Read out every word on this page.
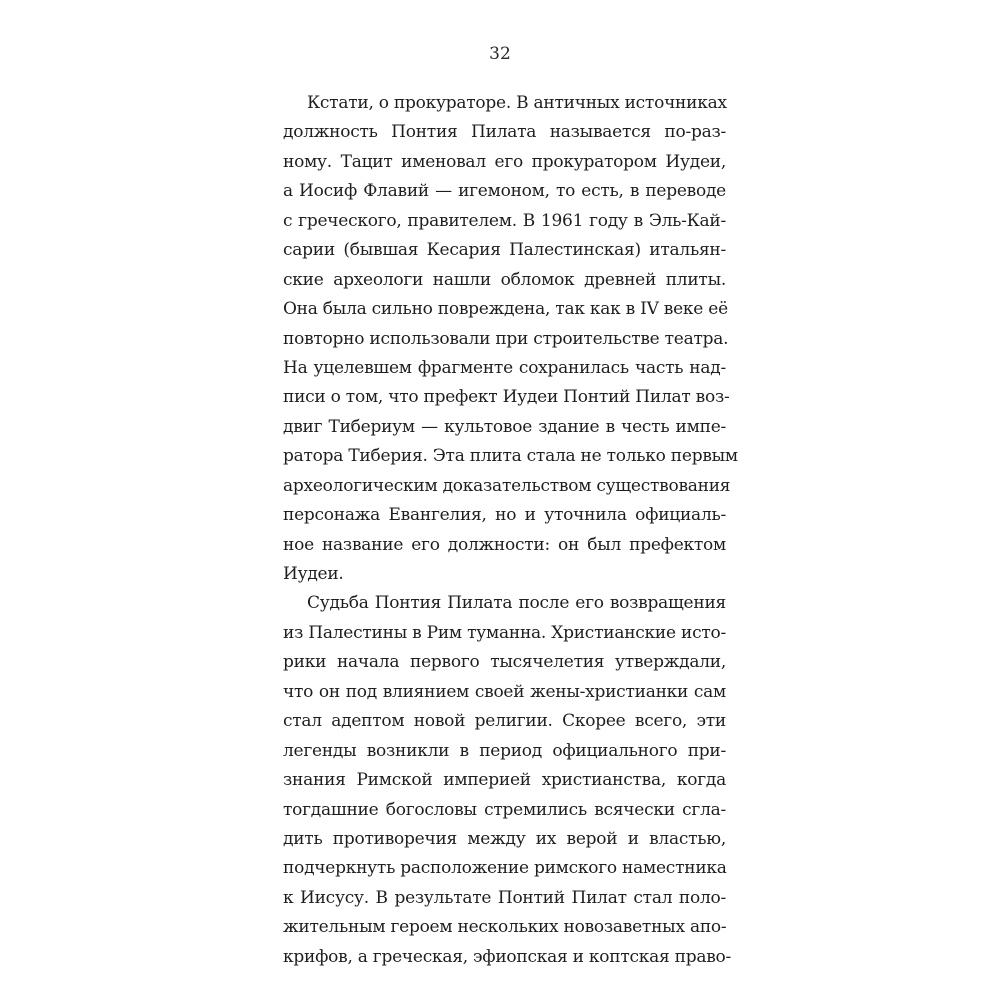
32
Кстати, о прокураторе. В античных источниках
должность Понтия Пилата называется по-раз-
ному. Тацит именовал его прокуратором Иудеи,
а Иосиф Флавий — игемоном, то есть, в переводе
с греческого, правителем. В 1961 году в Эль-Кай-
сарии (бывшая Кесария Палестинская) итальян-
ские археологи нашли обломок древней плиты.
Она была сильно повреждена, так как в IV веке её
повторно использовали при строительстве театра.
На уцелевшем фрагменте сохранилась часть над-
писи о том, что префект Иудеи Понтий Пилат воз-
двиг Тибериум — культовое здание в честь импе-
ратора Тиберия. Эта плита стала не только первым
археологическим доказательством существования
персонажа Евангелия, но и уточнила официаль-
ное название его должности: он был префектом
Иудеи.
Судьба Понтия Пилата после его возвращения
из Палестины в Рим туманна. Христианские исто-
рики начала первого тысячелетия утверждали,
что он под влиянием своей жены-христианки сам
стал адептом новой религии. Скорее всего, эти
легенды возникли в период официального при-
знания Римской империей христианства, когда
тогдашние богословы стремились всячески сгла-
дить противоречия между их верой и властью,
подчеркнуть расположение римского наместника
к Иисусу. В результате Понтий Пилат стал поло-
жительным героем нескольких новозаветных апо-
крифов, а греческая, эфиопская и коптская право-
